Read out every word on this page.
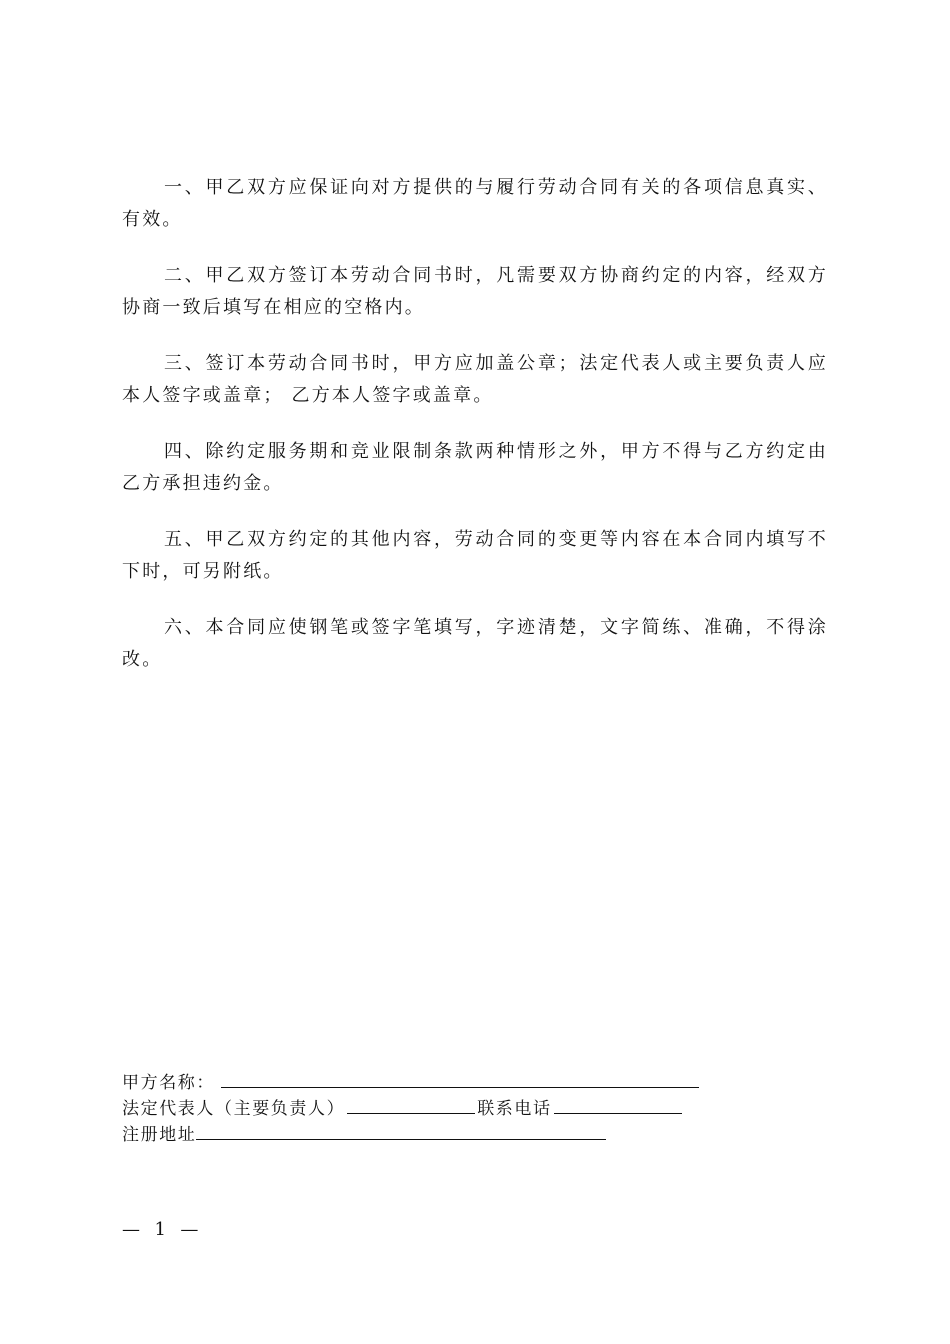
一、甲乙双方应保证向对方提供的与履行劳动合同有关的各项信息真实、有效。

二、甲乙双方签订本劳动合同书时，凡需要双方协商约定的内容，经双方协商一致后填写在相应的空格内。

三、签订本劳动合同书时，甲方应加盖公章；法定代表人或主要负责人应本人签字或盖章； 乙方本人签字或盖章。

四、除约定服务期和竞业限制条款两种情形之外，甲方不得与乙方约定由乙方承担违约金。

五、甲乙双方约定的其他内容，劳动合同的变更等内容在本合同内填写不下时，可另附纸。

六、本合同应使钢笔或签字笔填写，字迹清楚，文字简练、准确，不得涂改。

甲方名称：
法定代表人（主要负责人）	联系电话
注册地址
—  1  —
